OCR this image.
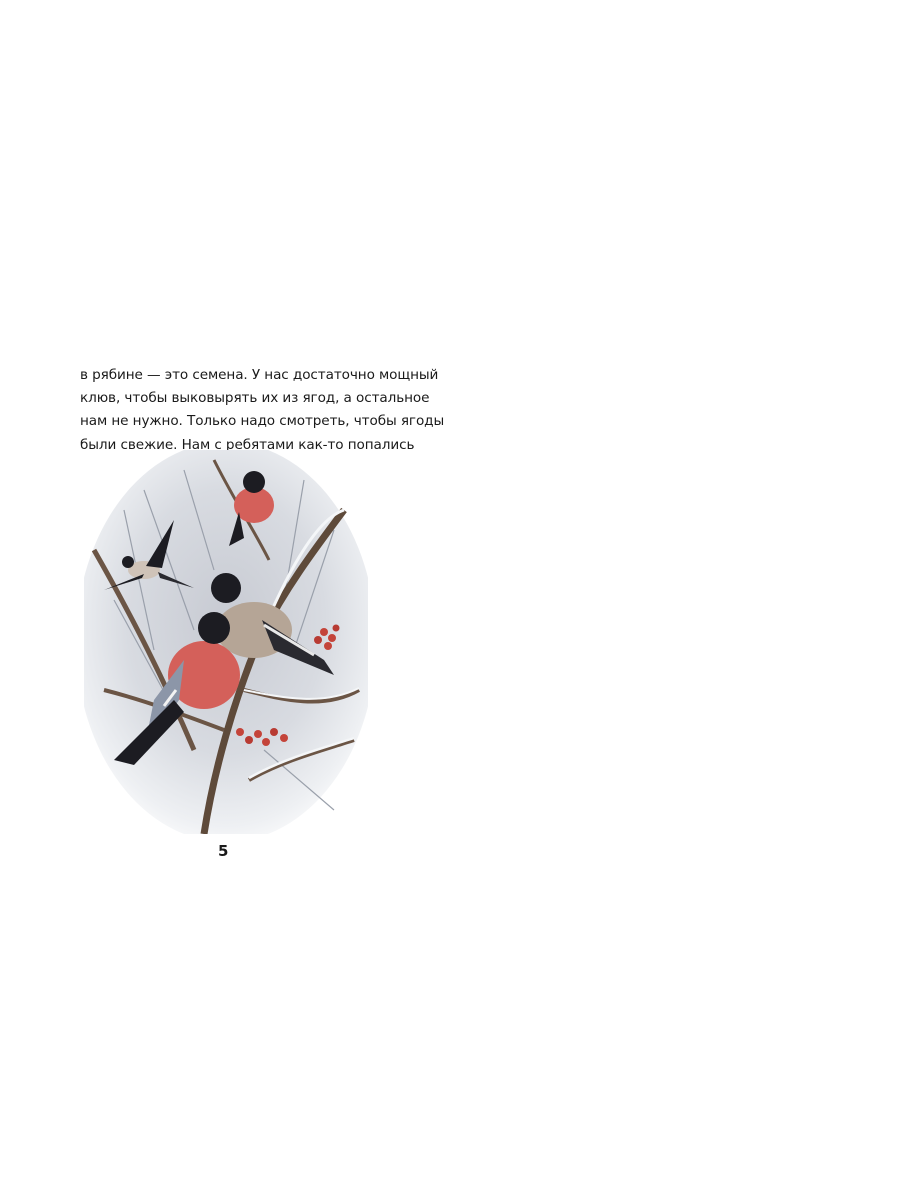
в рябине — это семена. У нас достаточно мощный
клюв, чтобы выковырять их из ягод, а остальное
нам не нужно. Только надо смотреть, чтобы ягоды
были свежие. Нам с ребятами как-то попались
5
